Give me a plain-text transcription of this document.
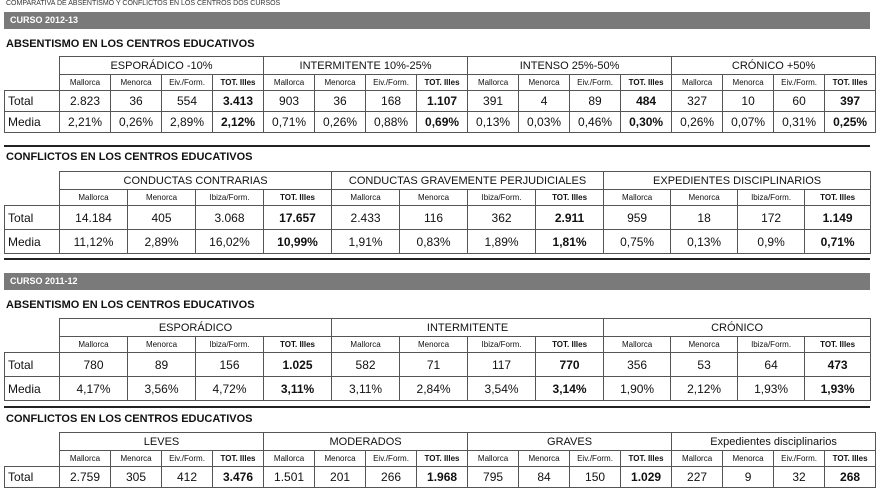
COMPARATIVA DE ABSENTISMO Y CONFLICTOS EN LOS CENTROS DOS CURSOS
CURSO 2012-13
ABSENTISMO EN LOS CENTROS EDUCATIVOS
	ESPORÁDICO -10%				INTERMITENTE 10%-25%				INTENSO 25%-50%				CRÓNICO +50%			
	Mallorca	Menorca	Eiv./Form.	TOT. Illes	Mallorca	Menorca	Eiv./Form.	TOT. Illes	Mallorca	Menorca	Eiv./Form.	TOT. Illes	Mallorca	Menorca	Eiv./Form.	TOT. Illes
Total	2.823	36	554	3.413	903	36	168	1.107	391	4	89	484	327	10	60	397
Media	2,21%	0,26%	2,89%	2,12%	0,71%	0,26%	0,88%	0,69%	0,13%	0,03%	0,46%	0,30%	0,26%	0,07%	0,31%	0,25%
CONFLICTOS EN LOS CENTROS EDUCATIVOS
	CONDUCTAS CONTRARIAS				CONDUCTAS GRAVEMENTE PERJUDICIALES				EXPEDIENTES DISCIPLINARIOS			
	Mallorca	Menorca	Ibiza/Form.	TOT. Illes	Mallorca	Menorca	Ibiza/Form.	TOT. Illes	Mallorca	Menorca	Ibiza/Form.	TOT. Illes
Total	14.184	405	3.068	17.657	2.433	116	362	2.911	959	18	172	1.149
Media	11,12%	2,89%	16,02%	10,99%	1,91%	0,83%	1,89%	1,81%	0,75%	0,13%	0,9%	0,71%
CURSO 2011-12
ABSENTISMO EN LOS CENTROS EDUCATIVOS
	ESPORÁDICO				INTERMITENTE				CRÓNICO			
	Mallorca	Menorca	Ibiza/Form.	TOT. Illes	Mallorca	Menorca	Ibiza/Form.	TOT. Illes	Mallorca	Menorca	Ibiza/Form.	TOT. Illes
Total	780	89	156	1.025	582	71	117	770	356	53	64	473
Media	4,17%	3,56%	4,72%	3,11%	3,11%	2,84%	3,54%	3,14%	1,90%	2,12%	1,93%	1,93%
CONFLICTOS EN LOS CENTROS EDUCATIVOS
	LEVES				MODERADOS				GRAVES				Expedientes disciplinarios			
	Mallorca	Menorca	Eiv./Form.	TOT. Illes	Mallorca	Menorca	Eiv./Form.	TOT. Illes	Mallorca	Menorca	Eiv./Form.	TOT. Illes	Mallorca	Menorca	Eiv./Form.	TOT. Illes
Total	2.759	305	412	3.476	1.501	201	266	1.968	795	84	150	1.029	227	9	32	268
